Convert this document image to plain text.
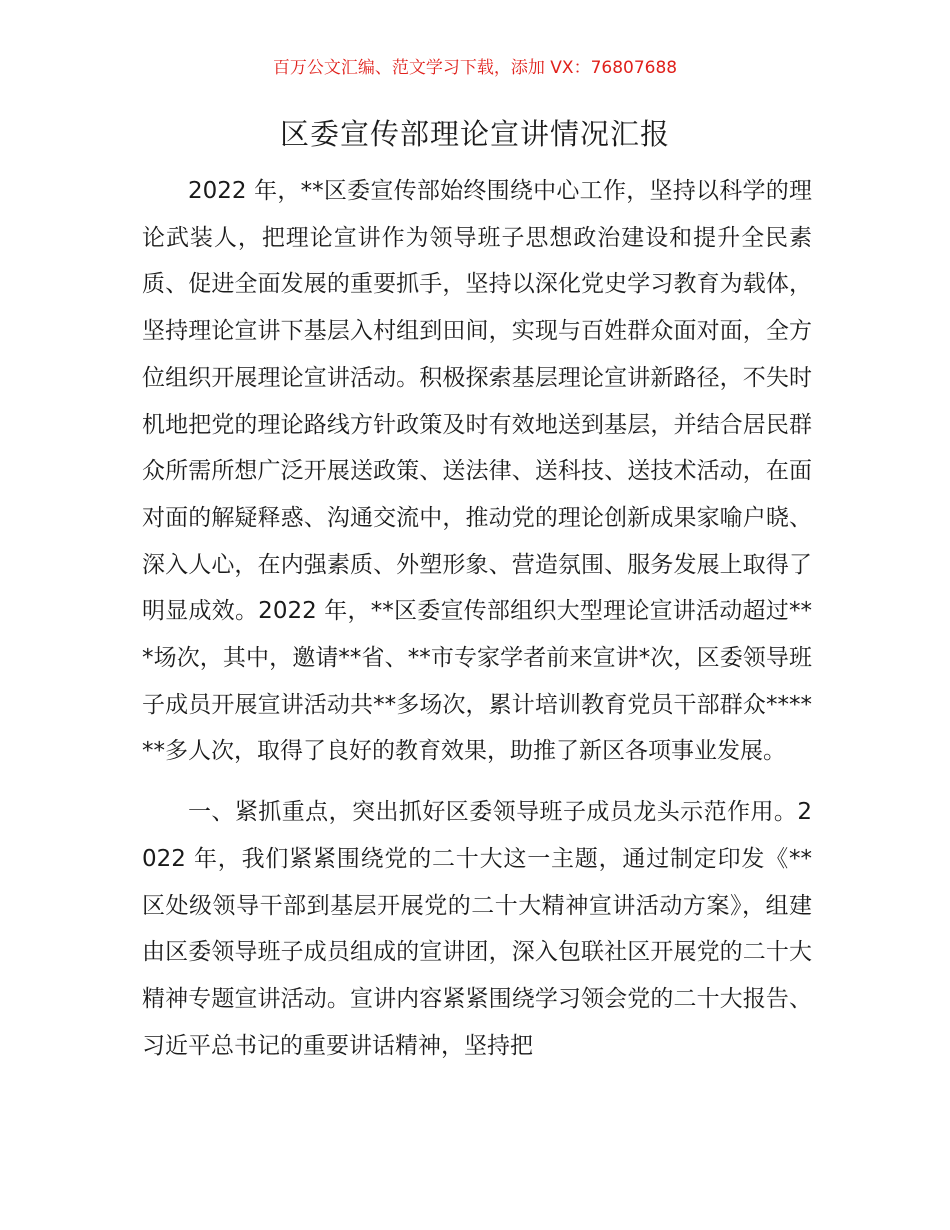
百万公文汇编、范文学习下载，添加 VX：76807688
区委宣传部理论宣讲情况汇报

2022 年，**区委宣传部始终围绕中心工作，坚持以科学的理论武装人，把理论宣讲作为领导班子思想政治建设和提升全民素质、促进全面发展的重要抓手，坚持以深化党史学习教育为载体，坚持理论宣讲下基层入村组到田间，实现与百姓群众面对面，全方位组织开展理论宣讲活动。积极探索基层理论宣讲新路径，不失时机地把党的理论路线方针政策及时有效地送到基层，并结合居民群众所需所想广泛开展送政策、送法律、送科技、送技术活动，在面对面的解疑释惑、沟通交流中，推动党的理论创新成果家喻户晓、深入人心，在内强素质、外塑形象、营造氛围、服务发展上取得了明显成效。2022 年，**区委宣传部组织大型理论宣讲活动超过***场次，其中，邀请**省、**市专家学者前来宣讲*次，区委领导班子成员开展宣讲活动共**多场次，累计培训教育党员干部群众******多人次，取得了良好的教育效果，助推了新区各项事业发展。

一、紧抓重点，突出抓好区委领导班子成员龙头示范作用。2022 年，我们紧紧围绕党的二十大这一主题，通过制定印发《**区处级领导干部到基层开展党的二十大精神宣讲活动方案》，组建由区委领导班子成员组成的宣讲团，深入包联社区开展党的二十大精神专题宣讲活动。宣讲内容紧紧围绕学习领会党的二十大报告、习近平总书记的重要讲话精神，坚持把
